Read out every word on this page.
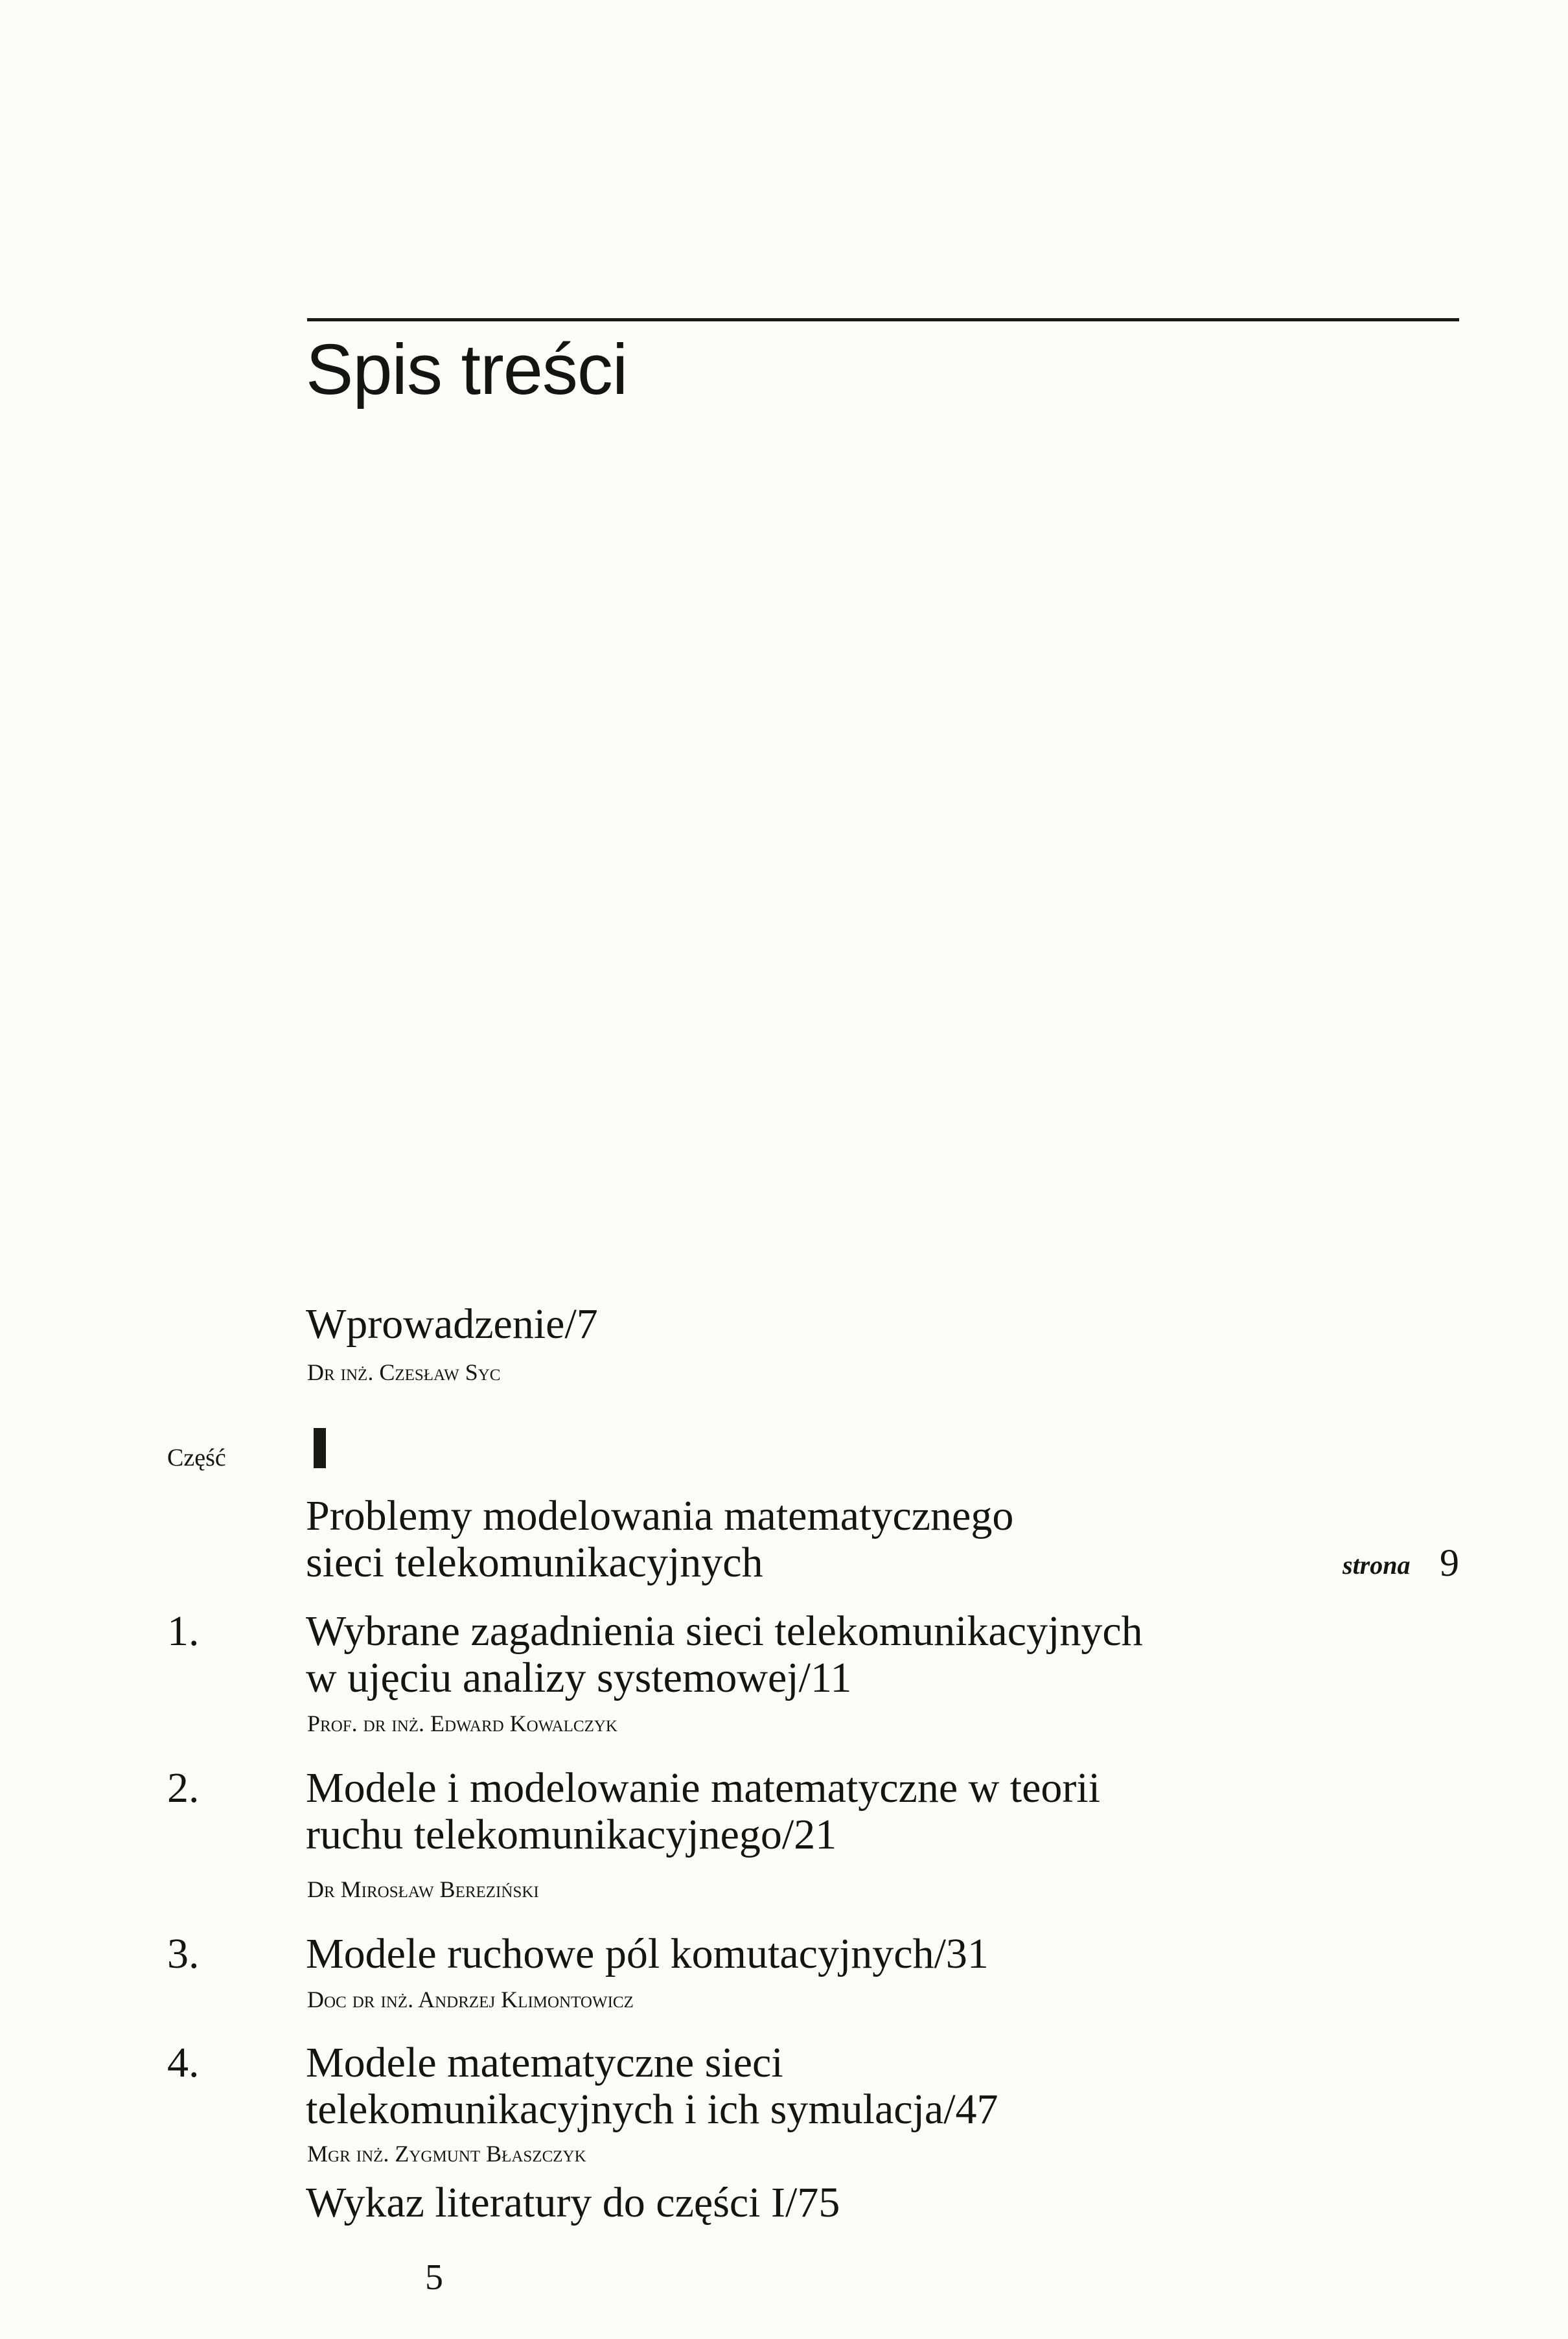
Spis treści
Wprowadzenie/7
Dr inż. Czesław Syc
Część
Problemy modelowania matematycznego
sieci telekomunikacyjnych	strona 9
1. Wybrane zagadnienia sieci telekomunikacyjnych
w ujęciu analizy systemowej/11
Prof. dr inż. Edward Kowalczyk
2. Modele i modelowanie matematyczne w teorii
ruchu telekomunikacyjnego/21
Dr Mirosław Bereziński
3. Modele ruchowe pól komutacyjnych/31
Doc dr inż. Andrzej Klimontowicz
4. Modele matematyczne sieci
telekomunikacyjnych i ich symulacja/47
Mgr inż. Zygmunt Błaszczyk
Wykaz literatury do części I/75
5
